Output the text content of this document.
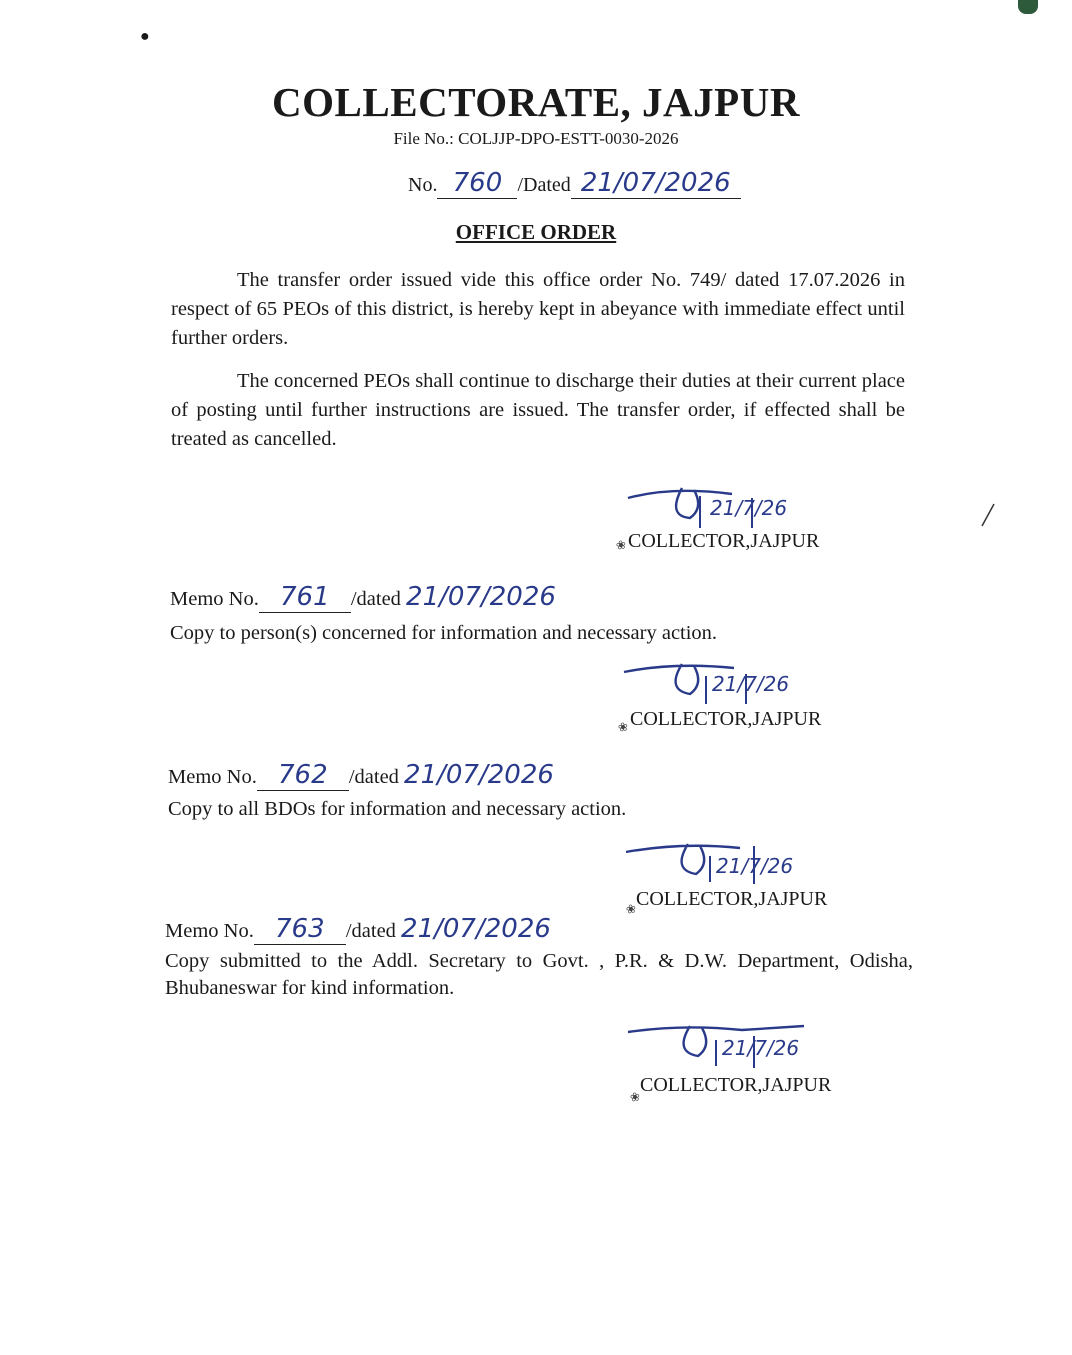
●
COLLECTORATE, JAJPUR
File No.: COLJJP-DPO-ESTT-0030-2026
No. 760 /Dated 21/07/2026
OFFICE ORDER

The transfer order issued vide this office order No. 749/ dated 17.07.2026 in respect of 65 PEOs of this district, is hereby kept in abeyance with immediate effect until further orders.

The concerned PEOs shall continue to discharge their duties at their current place of posting until further instructions are issued. The transfer order, if effected shall be treated as cancelled.

21/7/26
❀ COLLECTOR,JAJPUR
Memo No. 761 /dated 21/07/2026

Copy to person(s) concerned for information and necessary action.

21/7/26
❀ COLLECTOR,JAJPUR
Memo No. 762 /dated 21/07/2026

Copy to all BDOs for information and necessary action.

21/7/26
❀
COLLECTOR,JAJPUR
Memo No. 763 /dated 21/07/2026

Copy submitted to the Addl. Secretary to Govt. , P.R. & D.W. Department, Odisha, Bhubaneswar for kind information.

21/7/26
❀
COLLECTOR,JAJPUR
